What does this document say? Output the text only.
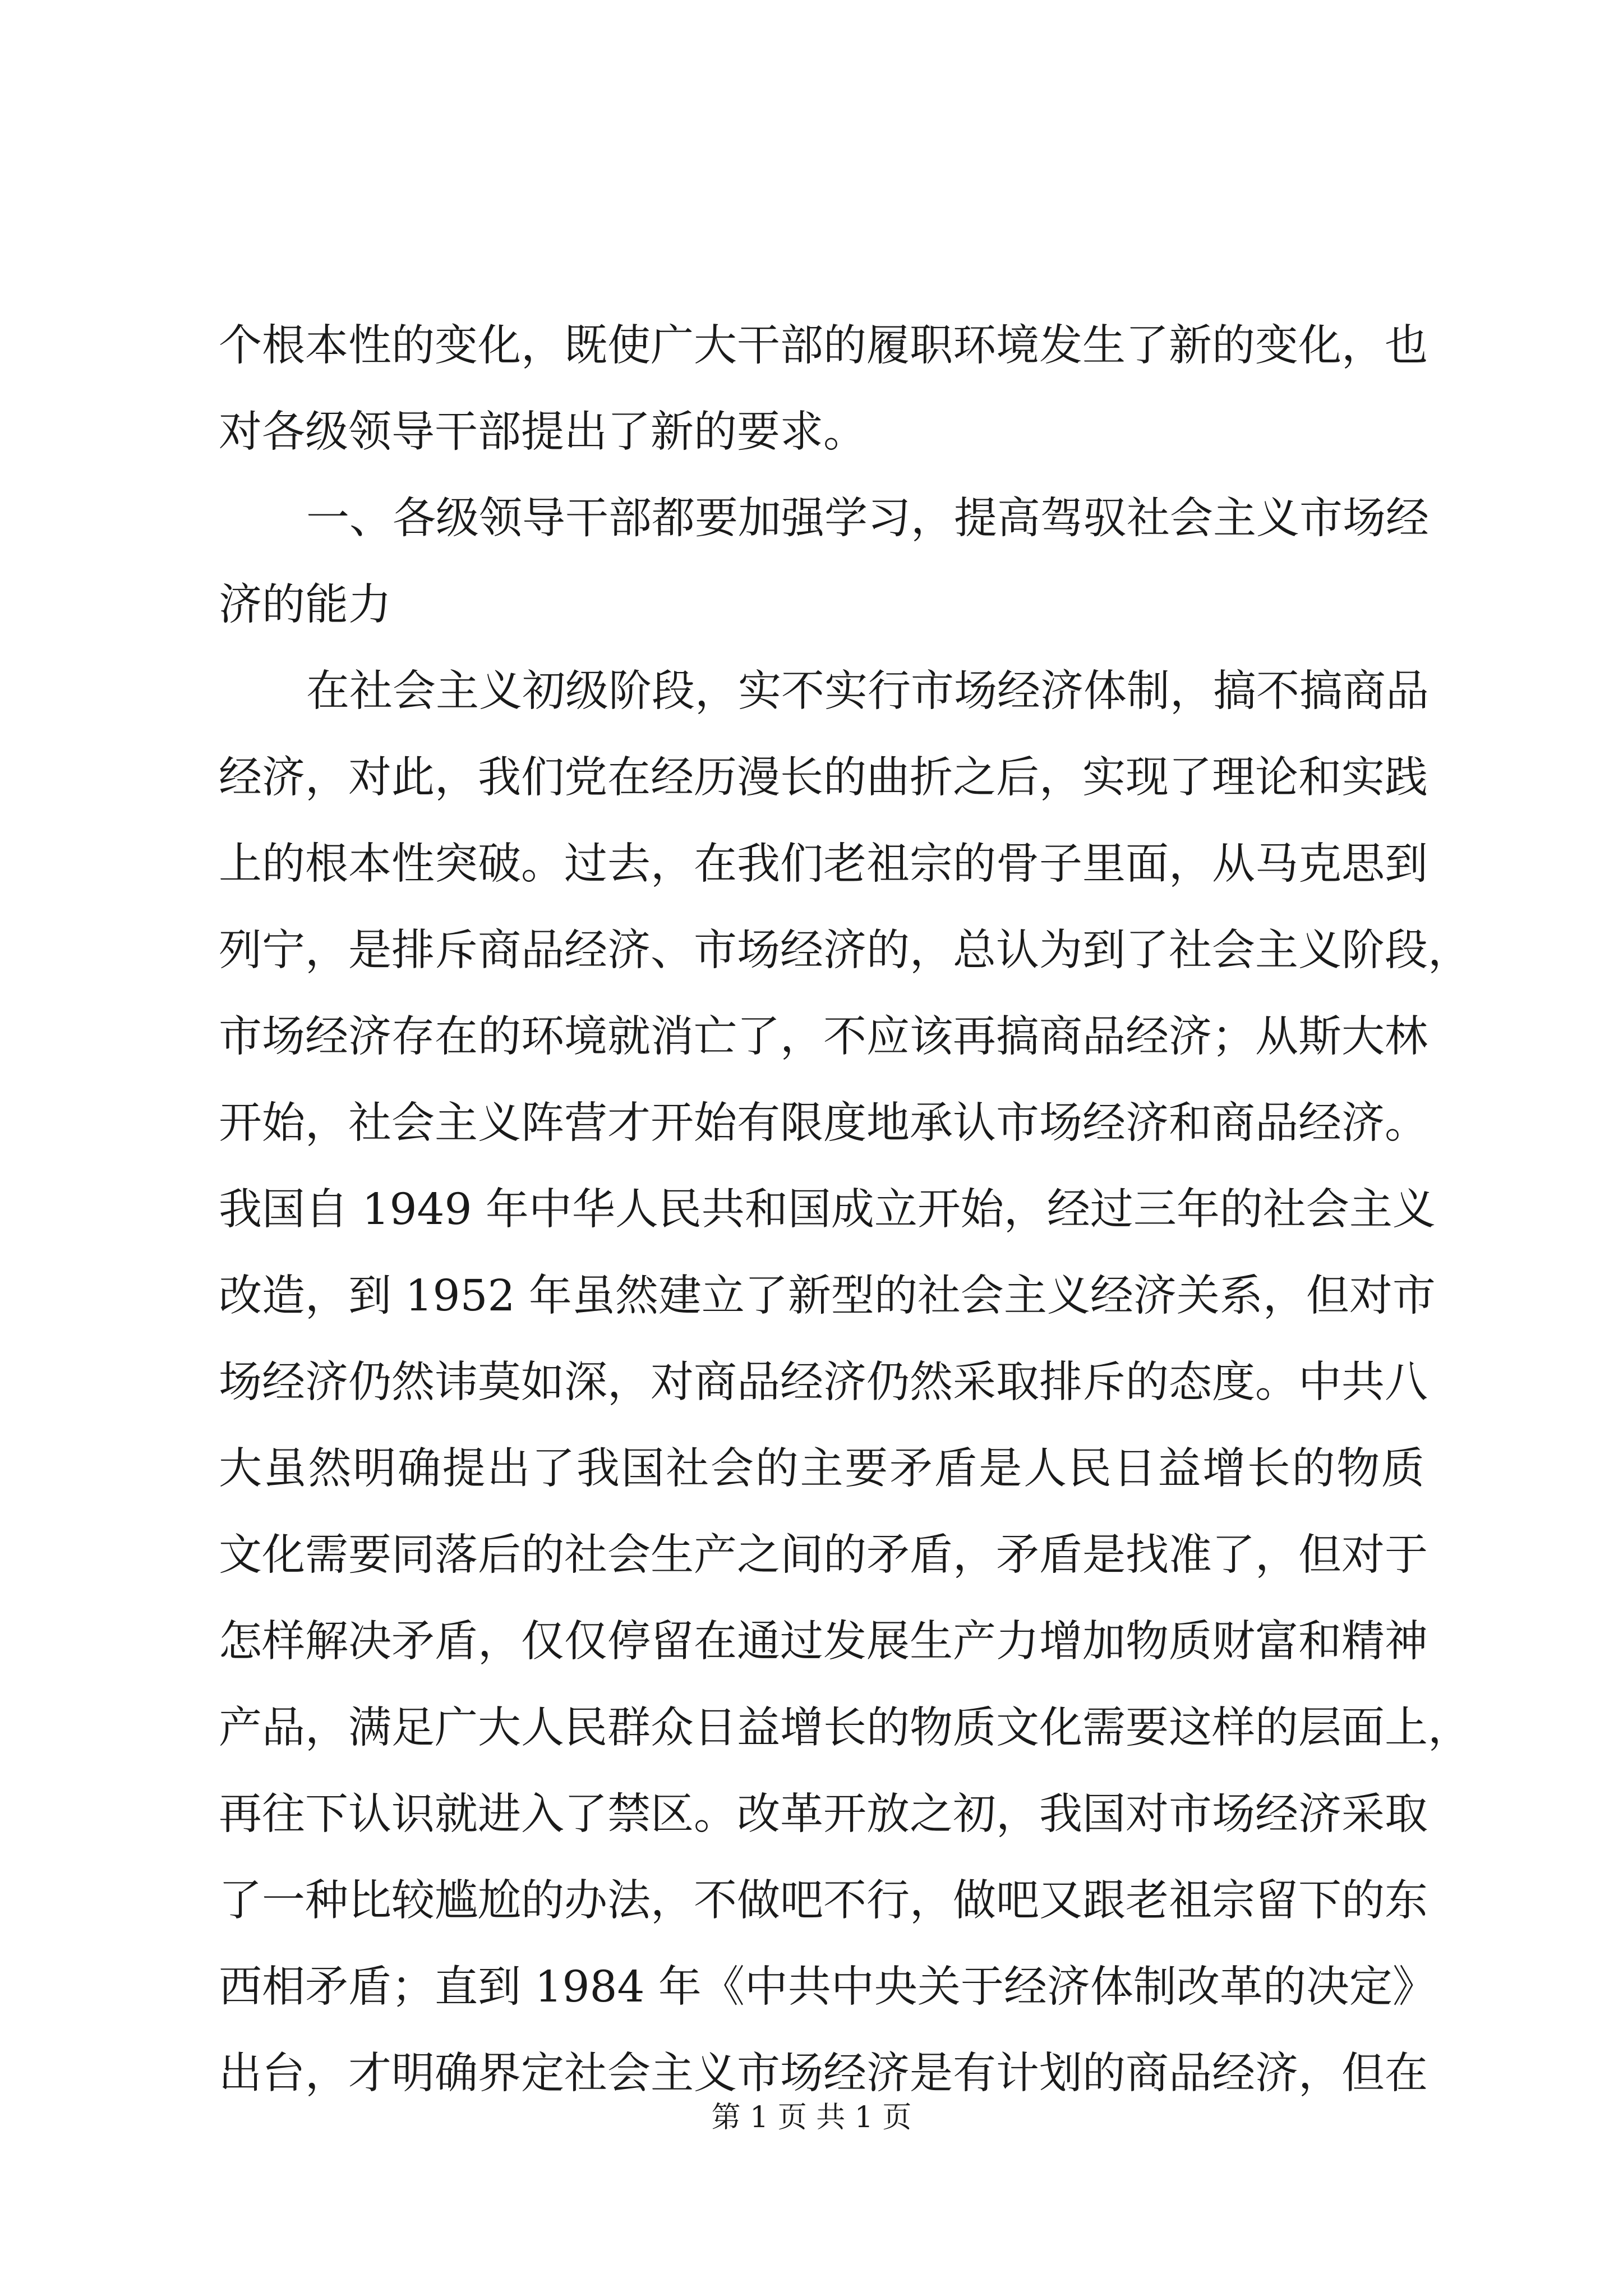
个根本性的变化，既使广大干部的履职环境发生了新的变化，也
对各级领导干部提出了新的要求。
一、各级领导干部都要加强学习，提高驾驭社会主义市场经
济的能力
在社会主义初级阶段，实不实行市场经济体制，搞不搞商品
经济，对此，我们党在经历漫长的曲折之后，实现了理论和实践
上的根本性突破。过去，在我们老祖宗的骨子里面，从马克思到
列宁，是排斥商品经济、市场经济的，总认为到了社会主义阶段，
市场经济存在的环境就消亡了，不应该再搞商品经济；从斯大林
开始，社会主义阵营才开始有限度地承认市场经济和商品经济。
我国自 1949 年中华人民共和国成立开始，经过三年的社会主义
改造，到 1952 年虽然建立了新型的社会主义经济关系，但对市
场经济仍然讳莫如深，对商品经济仍然采取排斥的态度。中共八
大虽然明确提出了我国社会的主要矛盾是人民日益增长的物质
文化需要同落后的社会生产之间的矛盾，矛盾是找准了，但对于
怎样解决矛盾，仅仅停留在通过发展生产力增加物质财富和精神
产品，满足广大人民群众日益增长的物质文化需要这样的层面上，
再往下认识就进入了禁区。改革开放之初，我国对市场经济采取
了一种比较尴尬的办法，不做吧不行，做吧又跟老祖宗留下的东
西相矛盾；直到 1984 年《中共中央关于经济体制改革的决定》
出台，才明确界定社会主义市场经济是有计划的商品经济，但在
第 1 页 共 1 页
